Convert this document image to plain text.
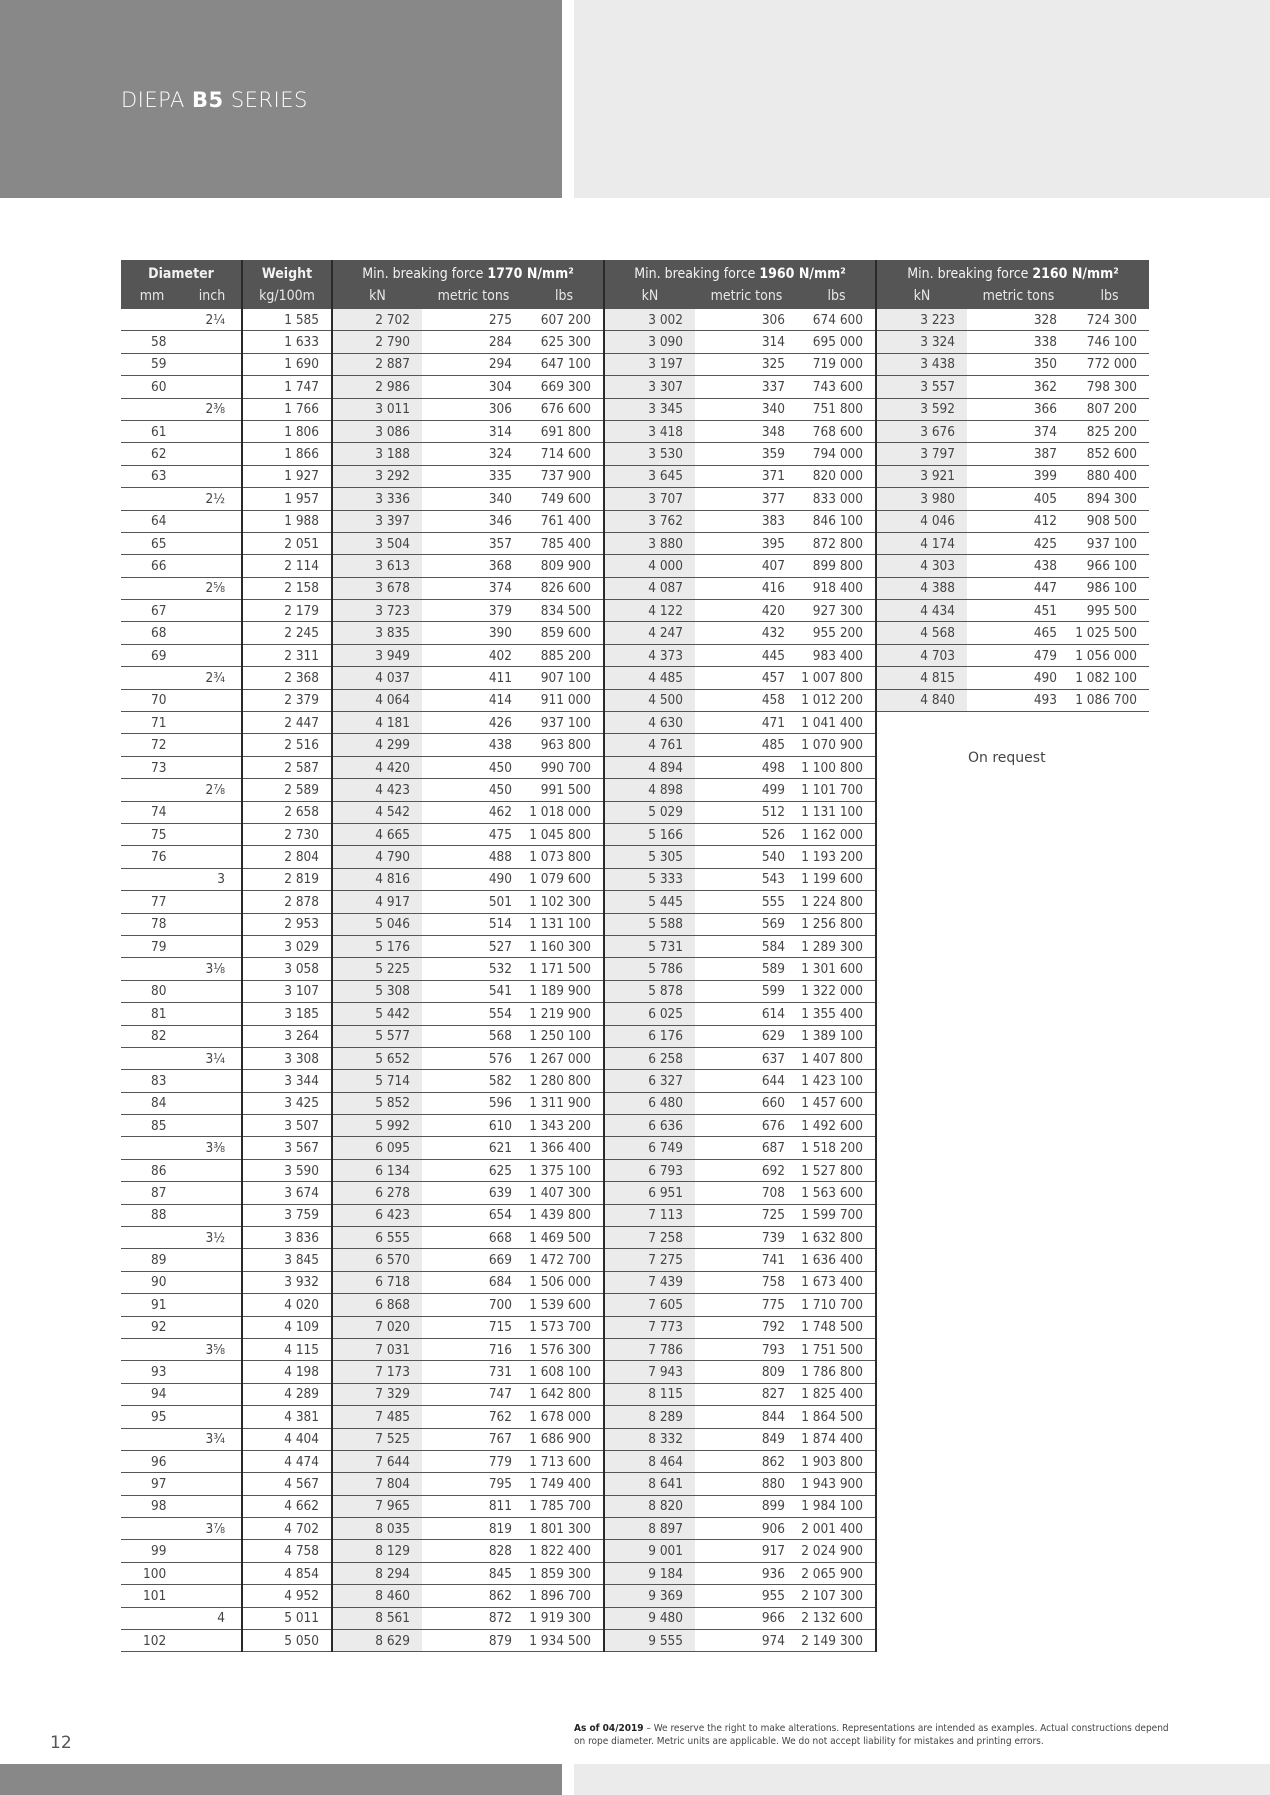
DIEPA B5 SERIES
Diameter		Weight	Min. breaking force 1770 N/mm²			Min. breaking force 1960 N/mm²			Min. breaking force 2160 N/mm²		
mm	inch	kg/100m	kN	metric tons	lbs	kN	metric tons	lbs	kN	metric tons	lbs
	2¼	1 585	2 702	275	607 200	3 002	306	674 600	3 223	328	724 300
58		1 633	2 790	284	625 300	3 090	314	695 000	3 324	338	746 100
59		1 690	2 887	294	647 100	3 197	325	719 000	3 438	350	772 000
60		1 747	2 986	304	669 300	3 307	337	743 600	3 557	362	798 300
	2⅜	1 766	3 011	306	676 600	3 345	340	751 800	3 592	366	807 200
61		1 806	3 086	314	691 800	3 418	348	768 600	3 676	374	825 200
62		1 866	3 188	324	714 600	3 530	359	794 000	3 797	387	852 600
63		1 927	3 292	335	737 900	3 645	371	820 000	3 921	399	880 400
	2½	1 957	3 336	340	749 600	3 707	377	833 000	3 980	405	894 300
64		1 988	3 397	346	761 400	3 762	383	846 100	4 046	412	908 500
65		2 051	3 504	357	785 400	3 880	395	872 800	4 174	425	937 100
66		2 114	3 613	368	809 900	4 000	407	899 800	4 303	438	966 100
	2⅝	2 158	3 678	374	826 600	4 087	416	918 400	4 388	447	986 100
67		2 179	3 723	379	834 500	4 122	420	927 300	4 434	451	995 500
68		2 245	3 835	390	859 600	4 247	432	955 200	4 568	465	1 025 500
69		2 311	3 949	402	885 200	4 373	445	983 400	4 703	479	1 056 000
	2¾	2 368	4 037	411	907 100	4 485	457	1 007 800	4 815	490	1 082 100
70		2 379	4 064	414	911 000	4 500	458	1 012 200	4 840	493	1 086 700
71		2 447	4 181	426	937 100	4 630	471	1 041 400			
72		2 516	4 299	438	963 800	4 761	485	1 070 900			
73		2 587	4 420	450	990 700	4 894	498	1 100 800			
	2⅞	2 589	4 423	450	991 500	4 898	499	1 101 700			
74		2 658	4 542	462	1 018 000	5 029	512	1 131 100			
75		2 730	4 665	475	1 045 800	5 166	526	1 162 000			
76		2 804	4 790	488	1 073 800	5 305	540	1 193 200			
	3	2 819	4 816	490	1 079 600	5 333	543	1 199 600			
77		2 878	4 917	501	1 102 300	5 445	555	1 224 800			
78		2 953	5 046	514	1 131 100	5 588	569	1 256 800			
79		3 029	5 176	527	1 160 300	5 731	584	1 289 300			
	3⅛	3 058	5 225	532	1 171 500	5 786	589	1 301 600			
80		3 107	5 308	541	1 189 900	5 878	599	1 322 000			
81		3 185	5 442	554	1 219 900	6 025	614	1 355 400			
82		3 264	5 577	568	1 250 100	6 176	629	1 389 100			
	3¼	3 308	5 652	576	1 267 000	6 258	637	1 407 800			
83		3 344	5 714	582	1 280 800	6 327	644	1 423 100			
84		3 425	5 852	596	1 311 900	6 480	660	1 457 600			
85		3 507	5 992	610	1 343 200	6 636	676	1 492 600			
	3⅜	3 567	6 095	621	1 366 400	6 749	687	1 518 200			
86		3 590	6 134	625	1 375 100	6 793	692	1 527 800			
87		3 674	6 278	639	1 407 300	6 951	708	1 563 600			
88		3 759	6 423	654	1 439 800	7 113	725	1 599 700			
	3½	3 836	6 555	668	1 469 500	7 258	739	1 632 800			
89		3 845	6 570	669	1 472 700	7 275	741	1 636 400			
90		3 932	6 718	684	1 506 000	7 439	758	1 673 400			
91		4 020	6 868	700	1 539 600	7 605	775	1 710 700			
92		4 109	7 020	715	1 573 700	7 773	792	1 748 500			
	3⅝	4 115	7 031	716	1 576 300	7 786	793	1 751 500			
93		4 198	7 173	731	1 608 100	7 943	809	1 786 800			
94		4 289	7 329	747	1 642 800	8 115	827	1 825 400			
95		4 381	7 485	762	1 678 000	8 289	844	1 864 500			
	3¾	4 404	7 525	767	1 686 900	8 332	849	1 874 400			
96		4 474	7 644	779	1 713 600	8 464	862	1 903 800			
97		4 567	7 804	795	1 749 400	8 641	880	1 943 900			
98		4 662	7 965	811	1 785 700	8 820	899	1 984 100			
	3⅞	4 702	8 035	819	1 801 300	8 897	906	2 001 400			
99		4 758	8 129	828	1 822 400	9 001	917	2 024 900			
100		4 854	8 294	845	1 859 300	9 184	936	2 065 900			
101		4 952	8 460	862	1 896 700	9 369	955	2 107 300			
	4	5 011	8 561	872	1 919 300	9 480	966	2 132 600			
102		5 050	8 629	879	1 934 500	9 555	974	2 149 300			
On request
12
As of 04/2019 – We reserve the right to make alterations. Representations are intended as examples. Actual constructions depend on rope diameter. Metric units are applicable. We do not accept liability for mistakes and printing errors.
